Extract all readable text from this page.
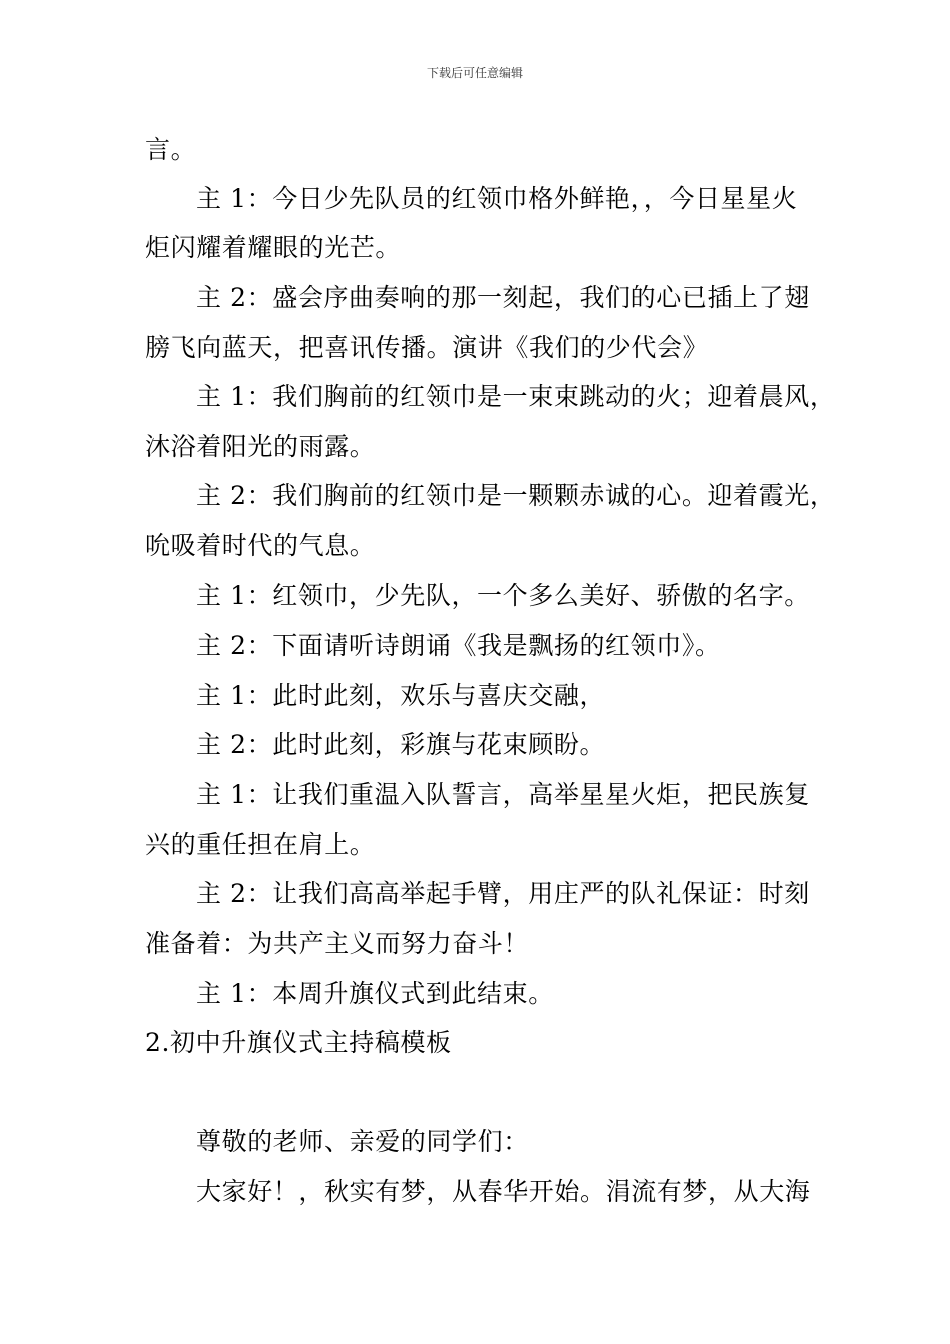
下载后可任意编辑
言。
主 1：今日少先队员的红领巾格外鲜艳，，今日星星火
炬闪耀着耀眼的光芒。
主 2：盛会序曲奏响的那一刻起，我们的心已插上了翅
膀飞向蓝天，把喜讯传播。演讲《我们的少代会》
主 1：我们胸前的红领巾是一束束跳动的火；迎着晨风，
沐浴着阳光的雨露。
主 2：我们胸前的红领巾是一颗颗赤诚的心。迎着霞光，
吮吸着时代的气息。
主 1：红领巾，少先队，一个多么美好、骄傲的名字。
主 2：下面请听诗朗诵《我是飘扬的红领巾》。
主 1：此时此刻，欢乐与喜庆交融，
主 2：此时此刻，彩旗与花束顾盼。
主 1：让我们重温入队誓言，高举星星火炬，把民族复
兴的重任担在肩上。
主 2：让我们高高举起手臂，用庄严的队礼保证：时刻
准备着：为共产主义而努力奋斗！
主 1：本周升旗仪式到此结束。
2.初中升旗仪式主持稿模板
尊敬的老师、亲爱的同学们：
大家好！，秋实有梦，从春华开始。涓流有梦，从大海
